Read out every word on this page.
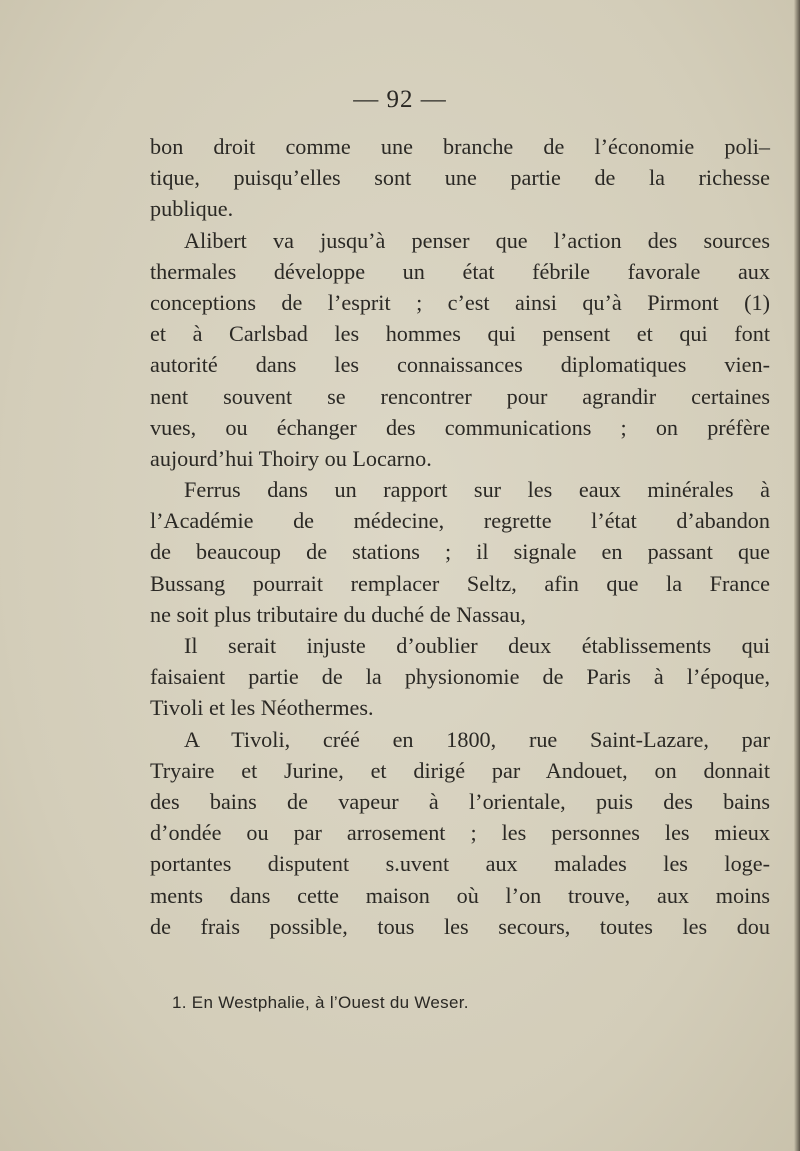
— 92 —
bon droit comme une branche de l’économie poli–
tique, puisqu’elles sont une partie de la richesse
publique.
Alibert va jusqu’à penser que l’action des sources
thermales développe un état fébrile favorale aux
conceptions de l’esprit ; c’est ainsi qu’à Pirmont (1)
et à Carlsbad les hommes qui pensent et qui font
autorité dans les connaissances diplomatiques vien-
nent souvent se rencontrer pour agrandir certaines
vues, ou échanger des communications ; on préfère
aujourd’hui Thoiry ou Locarno.
Ferrus dans un rapport sur les eaux minérales à
l’Académie de médecine, regrette l’état d’abandon
de beaucoup de stations ; il signale en passant que
Bussang pourrait remplacer Seltz, afin que la France
ne soit plus tributaire du duché de Nassau,
Il serait injuste d’oublier deux établissements qui
faisaient partie de la physionomie de Paris à l’époque,
Tivoli et les Néothermes.
A Tivoli, créé en 1800, rue Saint-Lazare, par
Tryaire et Jurine, et dirigé par Andouet, on donnait
des bains de vapeur à l’orientale, puis des bains
d’ondée ou par arrosement ; les personnes les mieux
portantes disputent s.uvent aux malades les loge-
ments dans cette maison où l’on trouve, aux moins
de frais possible, tous les secours, toutes les dou
1. En Westphalie, à l’Ouest du Weser.
